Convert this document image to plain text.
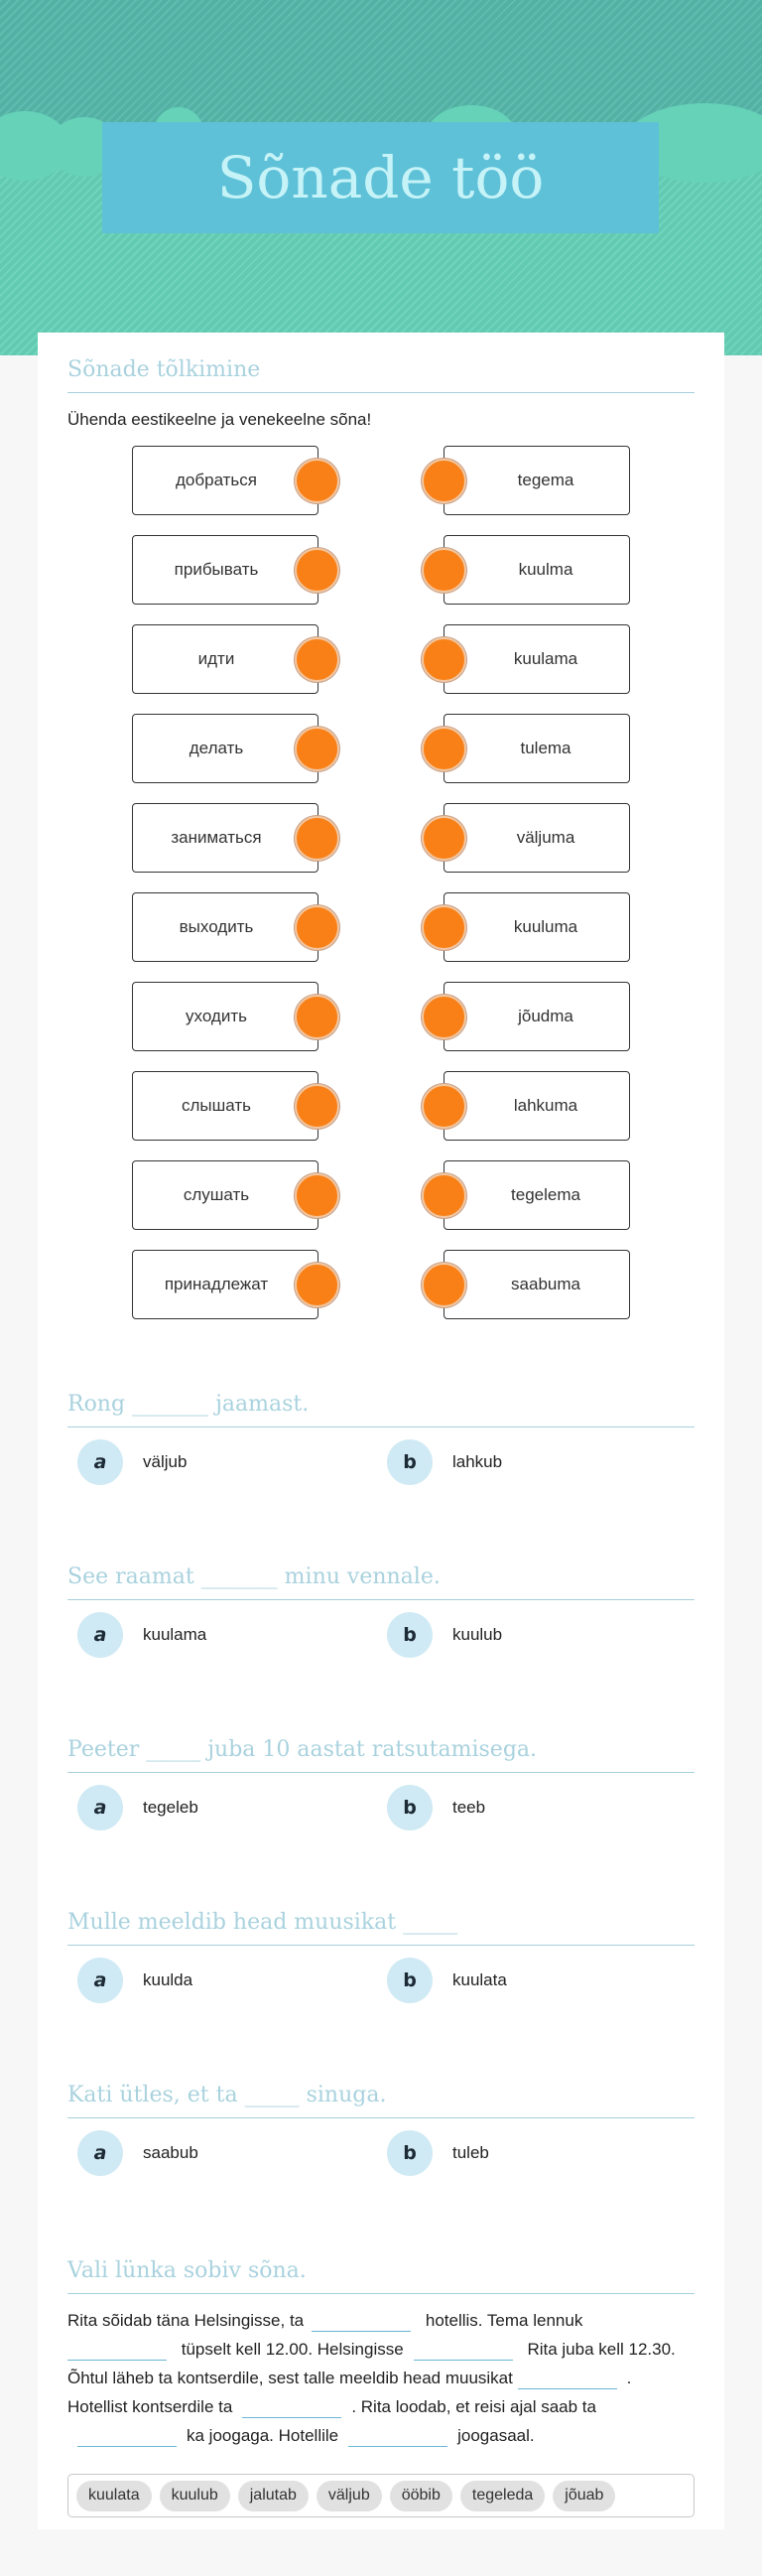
Sõnade töö
Sõnade tõlkimine
Ühenda eestikeelne ja venekeelne sõna!
добраться	tegema
прибывать	kuulma
идти	kuulama
делать	tulema
заниматься	väljuma
выходить	kuuluma
уходить	jõudma
слышать	lahkuma
слушать	tegelema
принадлежат	saabuma
Rong _______ jaamast.
a	väljub	b	lahkub
See raamat _______ minu vennale.
a	kuulama	b	kuulub
Peeter _____ juba 10 aastat ratsutamisega.
a	tegeleb	b	teeb
Mulle meeldib head muusikat _____
a	kuulda	b	kuulata
Kati ütles, et ta _____ sinuga.
a	saabub	b	tuleb
Vali lünka sobiv sõna.
Rita sõidab täna Helsingisse, ta	hotellis. Tema lennuk  tüpselt kell 12.00. Helsingisse	Rita juba kell 12.30. Õhtul läheb ta kontserdile, sest talle meeldib head muusikat	. Hotellist kontserdile ta	. Rita loodab, et reisi ajal saab taka joogaga. Hotellile	joogasaal.
kuulata	kuulub	jalutab	väljub	ööbib	tegeleda	jõuab
